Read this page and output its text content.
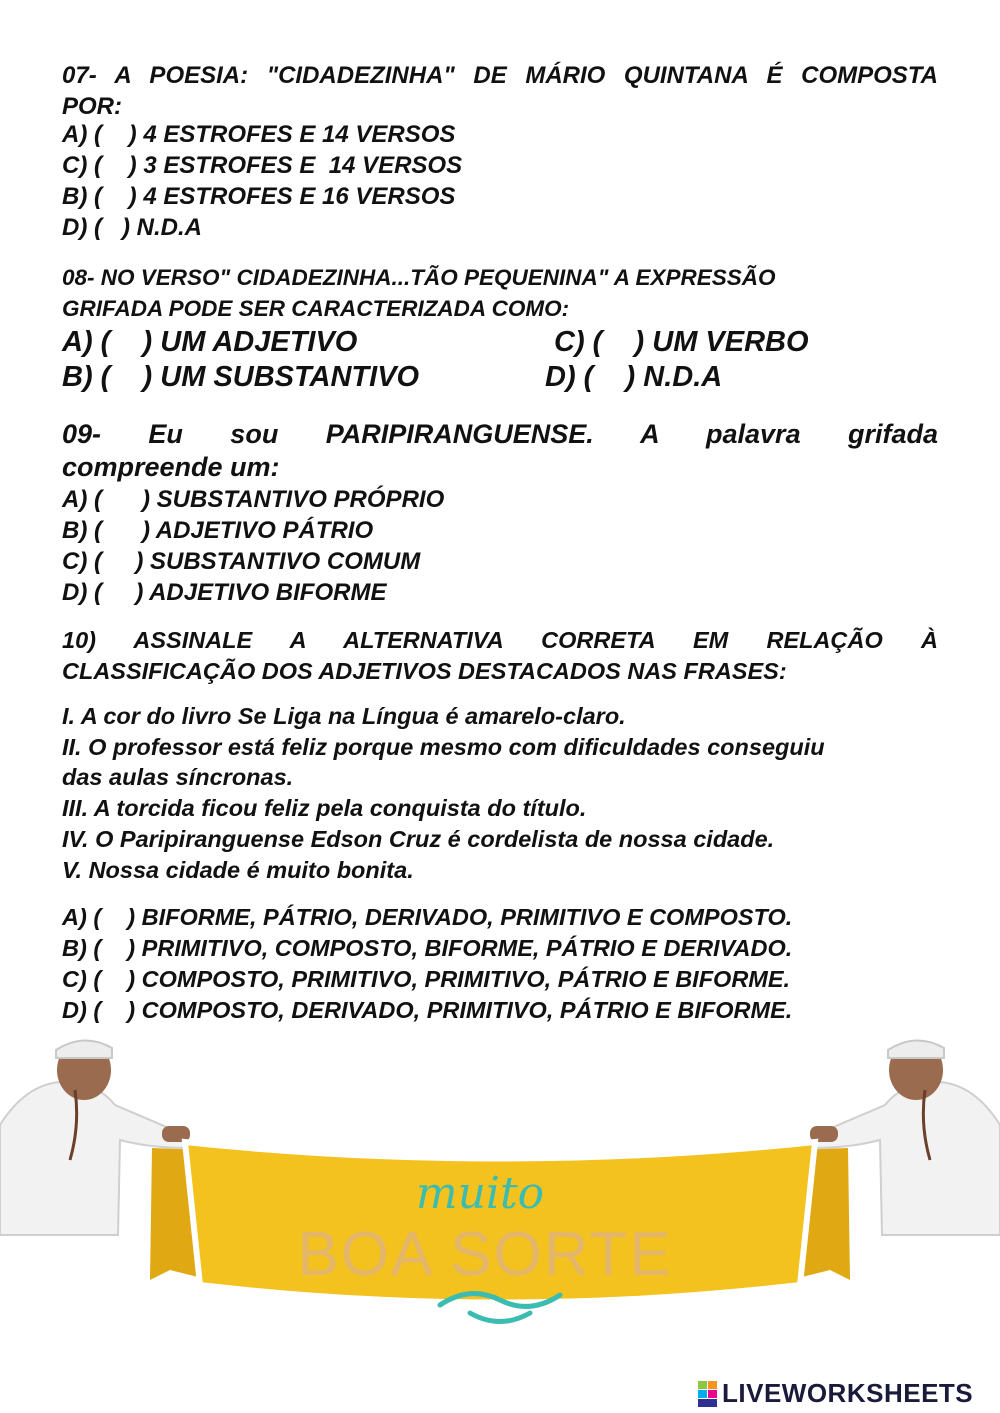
07- A POESIA: "CIDADEZINHA" DE MÁRIO QUINTANA É COMPOSTA
POR:
A) (    ) 4 ESTROFES E 14 VERSOS
C) (    ) 3 ESTROFES E  14 VERSOS
B) (    ) 4 ESTROFES E 16 VERSOS
D) (   ) N.D.A
08- NO VERSO" CIDADEZINHA...TÃO PEQUENINA" A EXPRESSÃO
GRIFADA PODE SER CARACTERIZADA COMO:
A) (    ) UM ADJETIVO	C) (    ) UM VERBO
B) (    ) UM SUBSTANTIVO	D) (    ) N.D.A
09- Eu sou PARIPIRANGUENSE. A palavra grifada
compreende um:
A) (      ) SUBSTANTIVO PRÓPRIO
B) (      ) ADJETIVO PÁTRIO
C) (     ) SUBSTANTIVO COMUM
D) (     ) ADJETIVO BIFORME
10) ASSINALE A ALTERNATIVA CORRETA EM RELAÇÃO À
CLASSIFICAÇÃO DOS ADJETIVOS DESTACADOS NAS FRASES:
I. A cor do livro Se Liga na Língua é amarelo-claro.
II. O professor está feliz porque mesmo com dificuldades conseguiu
das aulas síncronas.
III. A torcida ficou feliz pela conquista do título.
IV. O Paripiranguense Edson Cruz é cordelista de nossa cidade.
V. Nossa cidade é muito bonita.
A) (    ) BIFORME, PÁTRIO, DERIVADO, PRIMITIVO E COMPOSTO.
B) (    ) PRIMITIVO, COMPOSTO, BIFORME, PÁTRIO E DERIVADO.
C) (    ) COMPOSTO, PRIMITIVO, PRIMITIVO, PÁTRIO E BIFORME.
D) (    ) COMPOSTO, DERIVADO, PRIMITIVO, PÁTRIO E BIFORME.
muito
BOA SORTE
LIVEWORKSHEETS
